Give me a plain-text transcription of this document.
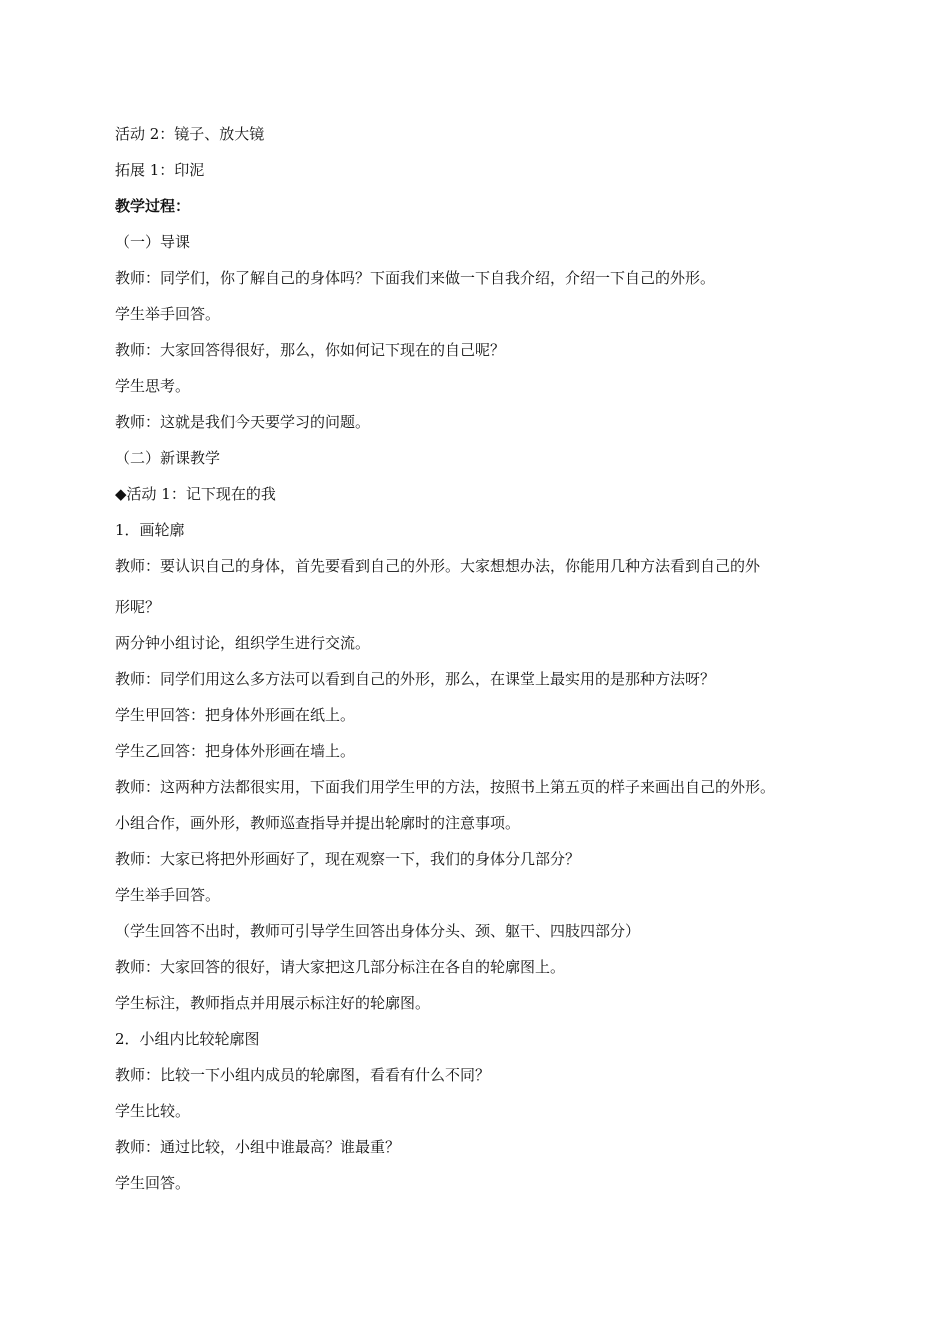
活动 2：镜子、放大镜
拓展 1：印泥
教学过程：
（一）导课
教师：同学们，你了解自己的身体吗？下面我们来做一下自我介绍，介绍一下自己的外形。
学生举手回答。
教师：大家回答得很好，那么，你如何记下现在的自己呢？
学生思考。
教师：这就是我们今天要学习的问题。
（二）新课教学
◆活动 1：记下现在的我
1．画轮廓
教师：要认识自己的身体，首先要看到自己的外形。大家想想办法，你能用几种方法看到自己的外
形呢？
两分钟小组讨论，组织学生进行交流。
教师：同学们用这么多方法可以看到自己的外形，那么，在课堂上最实用的是那种方法呀？
学生甲回答：把身体外形画在纸上。
学生乙回答：把身体外形画在墙上。
教师：这两种方法都很实用，下面我们用学生甲的方法，按照书上第五页的样子来画出自己的外形。
小组合作，画外形，教师巡查指导并提出轮廓时的注意事项。
教师：大家已将把外形画好了，现在观察一下，我们的身体分几部分？
学生举手回答。
（学生回答不出时，教师可引导学生回答出身体分头、颈、躯干、四肢四部分）
教师：大家回答的很好，请大家把这几部分标注在各自的轮廓图上。
学生标注，教师指点并用展示标注好的轮廓图。
2．小组内比较轮廓图
教师：比较一下小组内成员的轮廓图，看看有什么不同？
学生比较。
教师：通过比较，小组中谁最高？谁最重？
学生回答。
